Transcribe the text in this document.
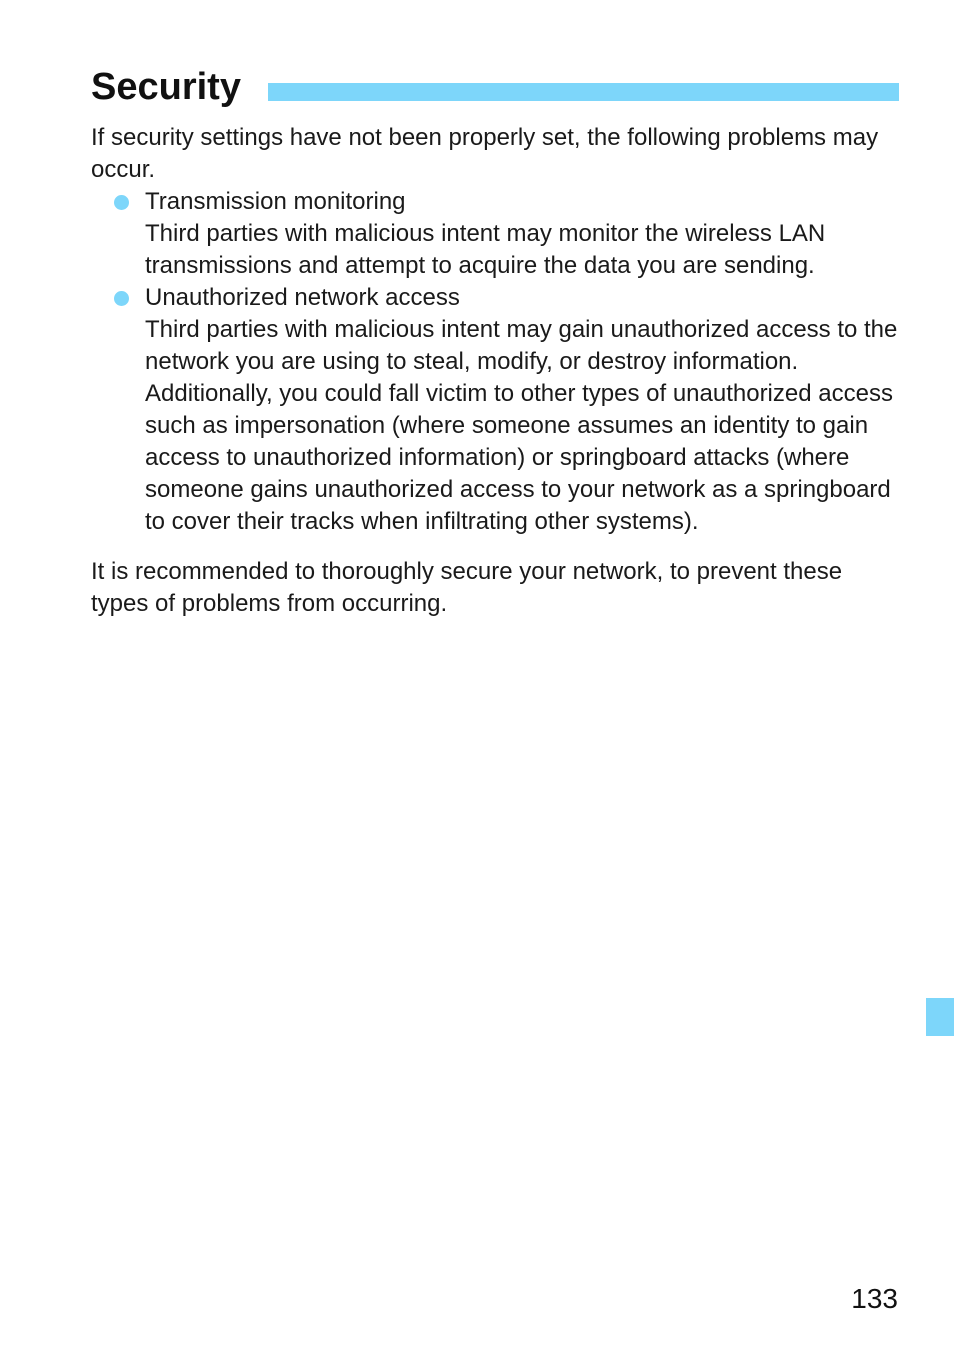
Security

If security settings have not been properly set, the following problems may occur.

Transmission monitoring
Third parties with malicious intent may monitor the wireless LAN transmissions and attempt to acquire the data you are sending.
Unauthorized network access
Third parties with malicious intent may gain unauthorized access to the network you are using to steal, modify, or destroy information. Additionally, you could fall victim to other types of unauthorized access such as impersonation (where someone assumes an identity to gain access to unauthorized information) or springboard attacks (where someone gains unauthorized access to your network as a springboard to cover their tracks when infiltrating other systems).

It is recommended to thoroughly secure your network, to prevent these types of problems from occurring.

133
